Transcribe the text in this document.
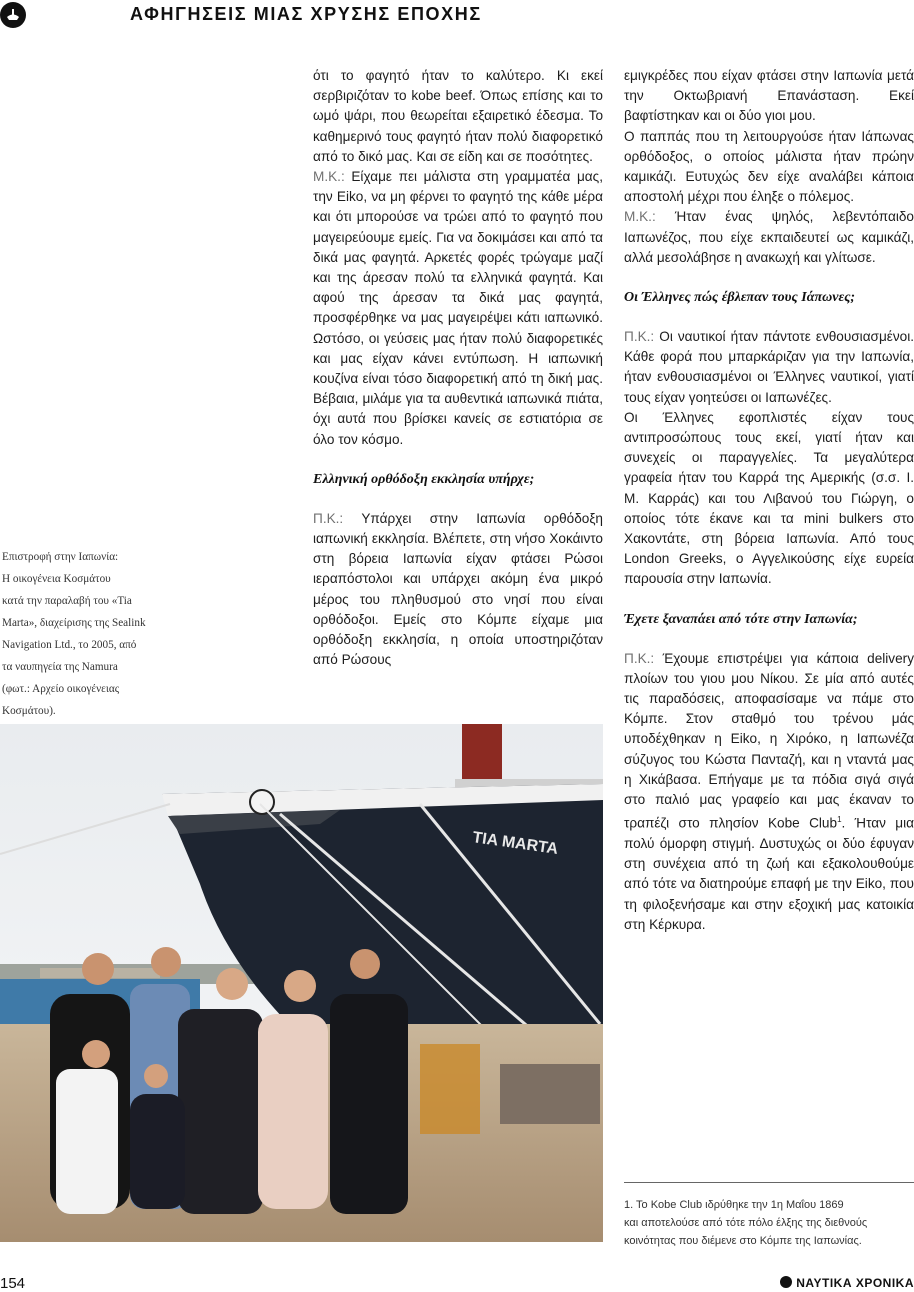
ΑΦΗΓΗΣΕΙΣ ΜΙΑΣ ΧΡΥΣΗΣ ΕΠΟΧΗΣ

ότι το φαγητό ήταν το καλύτερο. Κι εκεί σερβιριζόταν το kobe beef. Όπως επίσης και το ωμό ψάρι, που θεωρείται εξαιρετικό έδεσμα. Το καθημερινό τους φαγητό ήταν πολύ διαφορετικό από το δικό μας. Και σε είδη και σε ποσότητες.

Μ.Κ.: Είχαμε πει μάλιστα στη γραμματέα μας, την Eiko, να μη φέρνει το φαγητό της κάθε μέρα και ότι μπορούσε να τρώει από το φαγητό που μαγειρεύουμε εμείς. Για να δοκιμάσει και από τα δικά μας φαγητά. Αρκετές φορές τρώγαμε μαζί και της άρεσαν πολύ τα ελληνικά φαγητά. Και αφού της άρεσαν τα δικά μας φαγητά, προσφέρθηκε να μας μαγειρέψει κάτι ιαπωνικό. Ωστόσο, οι γεύσεις μας ήταν πολύ διαφορετικές και μας είχαν κάνει εντύπωση. Η ιαπωνική κουζίνα είναι τόσο διαφορετική από τη δική μας. Βέβαια, μιλάμε για τα αυθεντικά ιαπωνικά πιάτα, όχι αυτά που βρίσκει κανείς σε εστιατόρια σε όλο τον κόσμο.

Ελληνική ορθόδοξη εκκλησία υπήρχε;

Π.Κ.: Υπάρχει στην Ιαπωνία ορθόδοξη ιαπωνική εκκλησία. Βλέπετε, στη νήσο Χοκάιντο στη βόρεια Ιαπωνία είχαν φτάσει Ρώσοι ιεραπόστολοι και υπάρχει ακόμη ένα μικρό μέρος του πληθυσμού στο νησί που είναι ορθόδοξοι. Εμείς στο Κόμπε είχαμε μια ορθόδοξη εκκλησία, η οποία υποστηριζόταν από Ρώσους

εμιγκρέδες που είχαν φτάσει στην Ιαπωνία μετά την Οκτωβριανή Επανάσταση. Εκεί βαφτίστηκαν και οι δύο γιοι μου.

Ο παππάς που τη λειτουργούσε ήταν Ιάπωνας ορθόδοξος, ο οποίος μάλιστα ήταν πρώην καμικάζι. Ευτυχώς δεν είχε αναλάβει κάποια αποστολή μέχρι που έληξε ο πόλεμος.

Μ.Κ.: Ήταν ένας ψηλός, λεβεντόπαιδο Ιαπωνέζος, που είχε εκπαιδευτεί ως καμικάζι, αλλά μεσολάβησε η ανακωχή και γλίτωσε.

Οι Έλληνες πώς έβλεπαν τους Ιάπωνες;

Π.Κ.: Οι ναυτικοί ήταν πάντοτε ενθουσιασμένοι. Κάθε φορά που μπαρκάριζαν για την Ιαπωνία, ήταν ενθουσιασμένοι οι Έλληνες ναυτικοί, γιατί τους είχαν γοητεύσει οι Ιαπωνέζες.

Οι Έλληνες εφοπλιστές είχαν τους αντιπροσώπους τους εκεί, γιατί ήταν και συνεχείς οι παραγγελίες. Τα μεγαλύτερα γραφεία ήταν του Καρρά της Αμερικής (σ.σ. Ι. Μ. Καρράς) και του Λιβανού του Γιώργη, ο οποίος τότε έκανε και τα mini bulkers στο Χακοντάτε, στη βόρεια Ιαπωνία. Από τους London Greeks, ο Αγγελικούσης είχε ευρεία παρουσία στην Ιαπωνία.

Έχετε ξαναπάει από τότε στην Ιαπωνία;

Π.Κ.: Έχουμε επιστρέψει για κάποια delivery πλοίων του γιου μου Νίκου. Σε μία από αυτές τις παραδόσεις, αποφασίσαμε να πάμε στο Κόμπε. Στον σταθμό του τρένου μάς υποδέχθηκαν η Eiko, η Χιρόκο, η Ιαπωνέζα σύζυγος του Κώστα Πανταζή, και η νταντά μας η Χικάβασα. Επήγαμε με τα πόδια σιγά σιγά στο παλιό μας γραφείο και μας έκαναν το τραπέζι στο πλησίον Kobe Club$^1$. Ήταν μια πολύ όμορφη στιγμή. Δυστυχώς οι δύο έφυγαν στη συνέχεια από τη ζωή και εξακολουθούμε από τότε να διατηρούμε επαφή με την Eiko, που τη φιλοξενήσαμε και στην εξοχική μας κατοικία στη Κέρκυρα.

Επιστροφή στην Ιαπωνία:
Η οικογένεια Κοσμάτου
κατά την παραλαβή του «Tia
Marta», διαχείρισης της Sealink
Navigation Ltd., το 2005, από
τα ναυπηγεία της Namura
(φωτ.: Αρχείο οικογένειας
Κοσμάτου).
TIA MARTA
1. Το Kobe Club ιδρύθηκε την 1η Μαΐου 1869
και αποτελούσε από τότε πόλο έλξης της διεθνούς
κοινότητας που διέμενε στο Κόμπε της Ιαπωνίας.
154	ΝΑΥΤΙΚΑ ΧΡΟΝΙΚΑ
